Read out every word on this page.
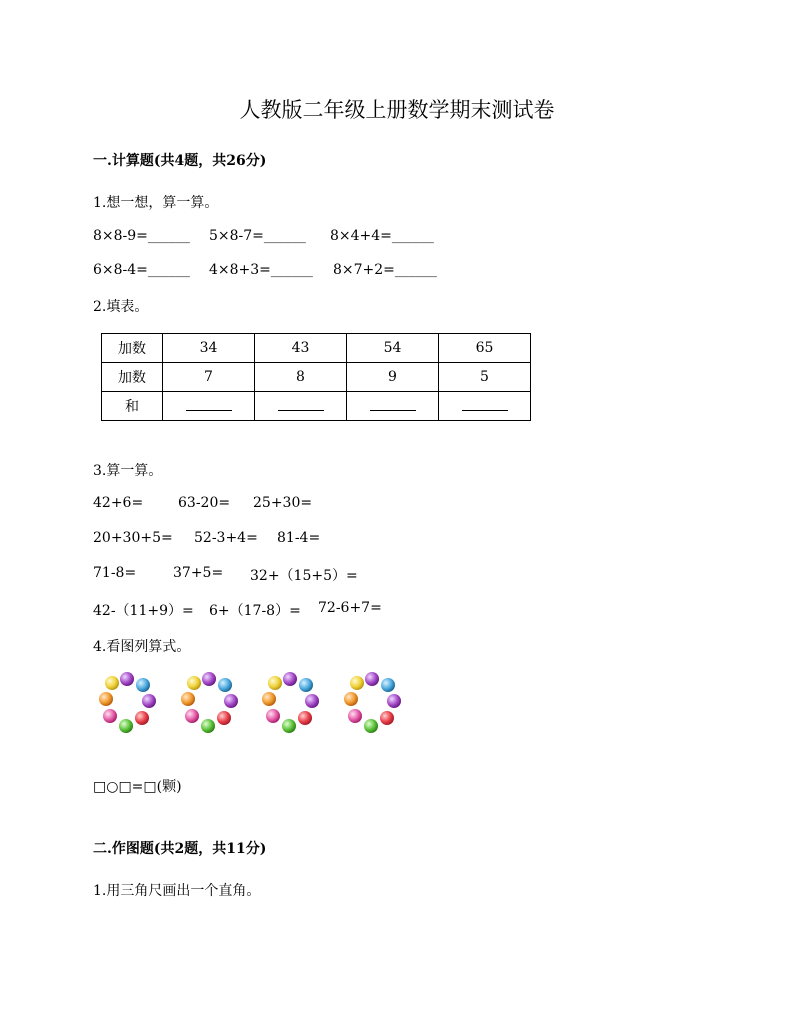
人教版二年级上册数学期末测试卷
一.计算题(共4题，共26分)
1.想一想，算一算。
8×8-9=______ 5×8-7=______ 8×4+4=______
6×8-4=______ 4×8+3=______ 8×7+2=______
2.填表。
加数	34	43	54	65
加数	7	8	9	5
和				
3.算一算。
42+6= 63-20= 25+30=
20+30+5= 52-3+4= 81-4=
71-8=	37+5= 32+（15+5）=
42-（11+9）= 6+（17-8）= 72-6+7=
4.看图列算式。
□○□=□(颗)
二.作图题(共2题，共11分)
1.用三角尺画出一个直角。
